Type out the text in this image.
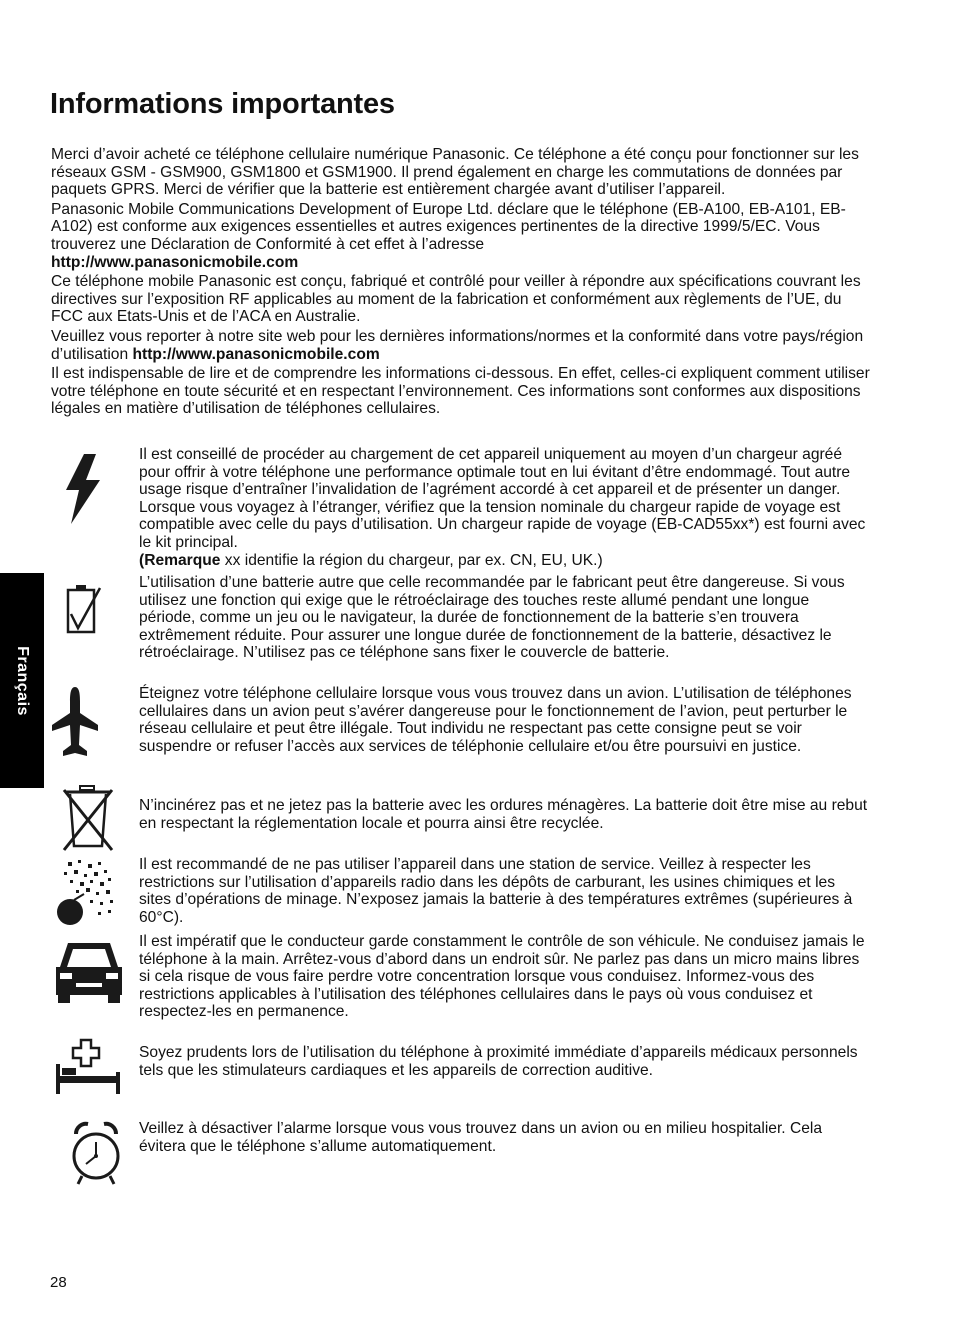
Informations importantes

Merci d’avoir acheté ce téléphone cellulaire numérique Panasonic. Ce téléphone a été conçu pour fonctionner sur les réseaux GSM - GSM900, GSM1800 et GSM1900. Il prend également en charge les commutations de données par paquets GPRS. Merci de vérifier que la batterie est entièrement chargée avant d’utiliser l’appareil.

Panasonic Mobile Communications Development of Europe Ltd. déclare que le téléphone (EB-A100, EB-A101, EB-A102) est conforme aux exigences essentielles et autres exigences pertinentes de la directive 1999/5/EC. Vous trouverez une Déclaration de Conformité à cet effet à l’adresse
http://www.panasonicmobile.com

Ce téléphone mobile Panasonic est conçu, fabriqué et contrôlé pour veiller à répondre aux spécifications couvrant les directives sur l’exposition RF applicables au moment de la fabrication et conformément aux règlements de l’UE, du FCC aux Etats-Unis et de l’ACA en Australie.

Veuillez vous reporter à notre site web pour les dernières informations/normes et la conformité dans votre pays/région d’utilisation http://www.panasonicmobile.com

Il est indispensable de lire et de comprendre les informations ci-dessous. En effet, celles-ci expliquent comment utiliser votre téléphone en toute sécurité et en respectant l’environnement. Ces informations sont conformes aux dispositions légales en matière d’utilisation de téléphones cellulaires.

Français

Il est conseillé de procéder au chargement de cet appareil uniquement au moyen d’un chargeur agréé pour offrir à votre téléphone une performance optimale tout en lui évitant d’être endommagé. Tout autre usage risque d’entraîner l’invalidation de l’agrément accordé à cet appareil et de présenter un danger. Lorsque vous voyagez à l’étranger, vérifiez que la tension nominale du chargeur rapide de voyage est compatible avec celle du pays d’utilisation. Un chargeur rapide de voyage (EB-CAD55xx*) est fourni avec le kit principal.
(Remarque xx identifie la région du chargeur, par ex. CN, EU, UK.)

L’utilisation d’une batterie autre que celle recommandée par le fabricant peut être dangereuse. Si vous utilisez une fonction qui exige que le rétroéclairage des touches reste allumé pendant une longue période, comme un jeu ou le navigateur, la durée de fonctionnement de la batterie s’en trouvera extrêmement réduite. Pour assurer une longue durée de fonctionnement de la batterie, désactivez le rétroéclairage. N’utilisez pas ce téléphone sans fixer le couvercle de batterie.

Éteignez votre téléphone cellulaire lorsque vous vous trouvez dans un avion. L’utilisation de téléphones cellulaires dans un avion peut s’avérer dangereuse pour le fonctionnement de l’avion, peut perturber le réseau cellulaire et peut être illégale. Tout individu ne respectant pas cette consigne peut se voir suspendre or refuser l’accès aux services de téléphonie cellulaire et/ou être poursuivi en justice.

N’incinérez pas et ne jetez pas la batterie avec les ordures ménagères. La batterie doit être mise au rebut en respectant la réglementation locale et pourra ainsi être recyclée.

Il est recommandé de ne pas utiliser l’appareil dans une station de service. Veillez à respecter les restrictions sur l’utilisation d’appareils radio dans les dépôts de carburant, les usines chimiques et les sites d’opérations de minage. N’exposez jamais la batterie à des températures extrêmes (supérieures à 60°C).

Il est impératif que le conducteur garde constamment le contrôle de son véhicule. Ne conduisez jamais le téléphone à la main. Arrêtez-vous d’abord dans un endroit sûr. Ne parlez pas dans un micro mains libres si cela risque de vous faire perdre votre concentration lorsque vous conduisez. Informez-vous des restrictions applicables à l’utilisation des téléphones cellulaires dans le pays où vous conduisez et respectez-les en permanence.

Soyez prudents lors de l’utilisation du téléphone à proximité immédiate d’appareils médicaux personnels tels que les stimulateurs cardiaques et les appareils de correction auditive.

Veillez à désactiver l’alarme lorsque vous vous trouvez dans un avion ou en milieu hospitalier. Cela évitera que le téléphone s’allume automatiquement.

28
